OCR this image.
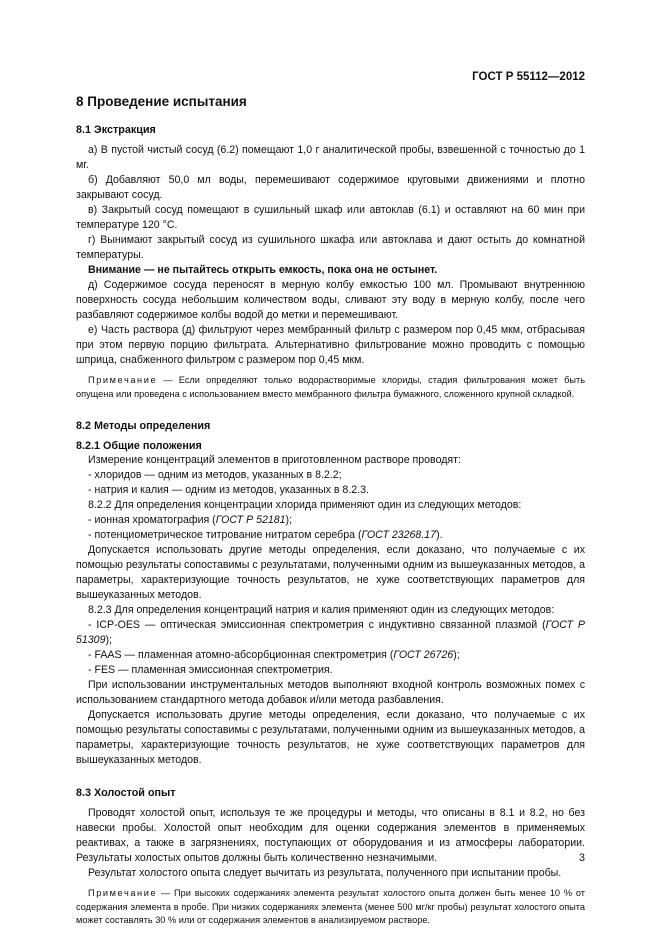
ГОСТ Р 55112—2012
8 Проведение испытания
8.1 Экстракция

а) В пустой чистый сосуд (6.2) помещают 1,0 г аналитической пробы, взвешенной с точностью до 1 мг.

б) Добавляют 50,0 мл воды, перемешивают содержимое круговыми движениями и плотно закрывают сосуд.

в) Закрытый сосуд помещают в сушильный шкаф или автоклав (6.1) и оставляют на 60 мин при температуре 120 °С.

г) Вынимают закрытый сосуд из сушильного шкафа или автоклава и дают остыть до комнатной температуры.

Внимание — не пытайтесь открыть емкость, пока она не остынет.

д) Содержимое сосуда переносят в мерную колбу емкостью 100 мл. Промывают внутреннюю поверхность сосуда небольшим количеством воды, сливают эту воду в мерную колбу, после чего разбавляют содержимое колбы водой до метки и перемешивают.

е) Часть раствора (д) фильтруют через мембранный фильтр с размером пор 0,45 мкм, отбрасывая при этом первую порцию фильтрата. Альтернативно фильтрование можно проводить с помощью шприца, снабженного фильтром с размером пор 0,45 мкм.

Примечание — Если определяют только водорастворимые хлориды, стадия фильтрования может быть опущена или проведена с использованием вместо мембранного фильтра бумажного, сложенного крупной складкой.

8.2 Методы определения
8.2.1 Общие положения

Измерение концентраций элементов в приготовленном растворе проводят:

- хлоридов — одним из методов, указанных в 8.2.2;

- натрия и калия — одним из методов, указанных в 8.2.3.

8.2.2 Для определения концентрации хлорида применяют один из следующих методов:

- ионная хроматография (ГОСТ Р 52181);

- потенциометрическое титрование нитратом серебра (ГОСТ 23268.17).

Допускается использовать другие методы определения, если доказано, что получаемые с их помощью результаты сопоставимы с результатами, полученными одним из вышеуказанных методов, а параметры, характеризующие точность результатов, не хуже соответствующих параметров для вышеуказанных методов.

8.2.3 Для определения концентраций натрия и калия применяют один из следующих методов:

- ICP-OES — оптическая эмиссионная спектрометрия с индуктивно связанной плазмой (ГОСТ Р 51309);

- FAAS — пламенная атомно-абсорбционная спектрометрия (ГОСТ 26726);

- FES — пламенная эмиссионная спектрометрия.

При использовании инструментальных методов выполняют входной контроль возможных помех с использованием стандартного метода добавок и/или метода разбавления.

Допускается использовать другие методы определения, если доказано, что получаемые с их помощью результаты сопоставимы с результатами, полученными одним из вышеуказанных методов, а параметры, характеризующие точность результатов, не хуже соответствующих параметров для вышеуказанных методов.

8.3 Холостой опыт

Проводят холостой опыт, используя те же процедуры и методы, что описаны в 8.1 и 8.2, но без навески пробы. Холостой опыт необходим для оценки содержания элементов в применяемых реактивах, а также в загрязнениях, поступающих от оборудования и из атмосферы лаборатории. Результаты холостых опытов должны быть количественно незначимыми.

Результат холостого опыта следует вычитать из результата, полученного при испытании пробы.

Примечание — При высоких содержаниях элемента результат холостого опыта должен быть менее 10 % от содержания элемента в пробе. При низких содержаниях элемента (менее 500 мг/кг пробы) результат холостого опыта может составлять 30 % или от содержания элементов в анализируемом растворе.

3
